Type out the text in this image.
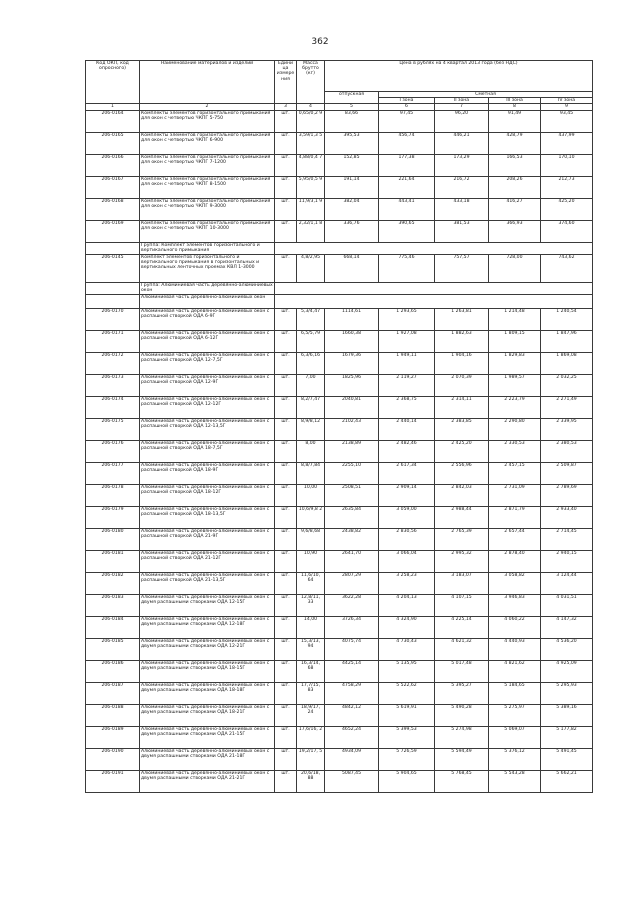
362
Код ОКП, код опросного)	Наименование материалов и изделий	Едини ца измере ния	Масса брутто (кг)	Цена в рублях на 4 квартал 2013 года (без НДС)				
				отпускная	Сметная			
					I зона	II зона	III зона	IV зона
1	2	3	4	5	6	7	8	9
206-0164	Комплекты элементов горизонтального примыкания для окон с четвертью ЧКПГ 5-750	шт.	0,65/0,2 9	83,66	97,45	96,20	91,49	93,45
206-0165	Комплекты элементов горизонтального примыкания для окон с четвертью ЧКПГ 6-900	шт.	3,59/1,3 5	395,53	456,74	446,21	428,79	437,99
206-0166	Комплекты элементов горизонтального примыкания для окон с четвертью ЧКПГ 7-1200	шт.	4,88/0,4 7	152,85	177,38	173,29	166,53	170,10
206-0167	Комплекты элементов горизонтального примыкания для окон с четвертью ЧКПГ 8-1500	шт.	5,95/0,5 9	191,14	221,64	216,72	208,26	212,73
206-0168	Комплекты элементов горизонтального примыкания для окон с четвертью ЧКПГ 9-3000	шт.	11,9/3,1 9	382,04	443,41	433,18	416,27	425,20
206-0169	Комплекты элементов горизонтального примыкания для окон с четвертью ЧКПГ 10-3000	шт.	2,32/1,1 8	336,76	390,65	381,53	366,93	374,60
	Группа: Комплект элементов горизонтального и вертикального примыкания							
206-0145	Комплект элементов горизонтального и вертикального примыкания в горизонтальных и вертикальных ленточных проемах КВЛ 1-3000	шт.	4,8/2,95	668,14	775,46	757,57	728,00	743,62
	Группа: Алюминиевая часть деревянно-алюминиевых окон							
	Алюминиевая часть деревянно-алюминиевых окон							
206-0170	Алюминиевая часть деревянно-алюминиевых окон с распашной створкой ОДА 6-9Г	шт.	5,3/4,47	1114,61	1 293,65	1 263,81	1 214,48	1 240,54
206-0171	Алюминиевая часть деревянно-алюминиевых окон с распашной створкой ОДА 6-12Г	шт.	6,5/5,79	1660,38	1 927,08	1 882,63	1 809,15	1 847,96
206-0172	Алюминиевая часть деревянно-алюминиевых окон с распашной створкой ОДА 12-7,5Г	шт.	6,3/6,16	1679,36	1 949,11	1 904,16	1 829,83	1 869,08
206-0173	Алюминиевая часть деревянно-алюминиевых окон с распашной створкой ОДА 12-9Г	шт.	7,00	1825,96	2 119,27	2 070,39	1 989,57	2 032,25
206-0174	Алюминиевая часть деревянно-алюминиевых окон с распашной створкой ОДА 12-12Г	шт.	8,2/7,47	2040,81	2 368,75	2 314,11	2 223,79	2 271,49
206-0175	Алюминиевая часть деревянно-алюминиевых окон с распашной створкой ОДА 12-13,5Г	шт.	8,9/8,12	2102,43	2 440,14	2 383,85	2 290,80	2 339,95
206-0176	Алюминиевая часть деревянно-алюминиевых окон с распашной створкой ОДА 18-7,5Г	шт.	8,00	2138,89	2 482,46	2 425,20	2 330,53	2 380,53
206-0177	Алюминиевая часть деревянно-алюминиевых окон с распашной створкой ОДА 18-9Г	шт.	8,8/7,84	2255,10	2 617,34	2 556,96	2 457,15	2 509,87
206-0178	Алюминиевая часть деревянно-алюминиевых окон с распашной створкой ОДА 18-12Г	шт.	10,00	2508,51	2 909,14	2 842,03	2 731,09	2 789,69
206-0179	Алюминиевая часть деревянно-алюминиевых окон с распашной створкой ОДА 18-13,5Г	шт.	10,6/9,8 2	2635,84	3 059,00	2 988,44	2 871,79	2 933,40
206-0180	Алюминиевая часть деревянно-алюминиевых окон с распашной створкой ОДА 21-9Г	шт.	9,6/8,68	2438,82	2 830,56	2 765,39	2 657,44	2 714,45
206-0181	Алюминиевая часть деревянно-алюминиевых окон с распашной створкой ОДА 21-12Г	шт.	10,90	2641,70	3 066,04	2 995,32	2 878,40	2 940,15
206-0182	Алюминиевая часть деревянно-алюминиевых окон с распашной створкой ОДА 21-13,5Г	шт.	11,6/10, 64	2807,29	3 258,23	3 183,07	3 058,82	3 124,44
206-0183	Алюминиевая часть деревянно-алюминиевых окон с двумя распашными створками ОДА 12-15Г	шт.	12,8/11, 33	3622,28	4 204,13	4 107,15	3 946,83	4 031,51
206-0184	Алюминиевая часть деревянно-алюминиевых окон с двумя распашными створками ОДА 12-18Г	шт.	14,00	3726,34	4 324,90	4 225,14	4 060,22	4 147,32
206-0185	Алюминиевая часть деревянно-алюминиевых окон с двумя распашными створками ОДА 12-21Г	шт.	15,3/13, 94	4075,74	4 730,43	4 621,32	4 440,93	4 536,20
206-0186	Алюминиевая часть деревянно-алюминиевых окон с двумя распашными створками ОДА 18-15Г	шт.	16,3/14, 68	4425,14	5 135,95	5 017,48	4 821,62	4 925,09
206-0187	Алюминиевая часть деревянно-алюминиевых окон с двумя распашными створками ОДА 18-18Г	шт.	17,7/15, 83	4758,29	5 522,62	5 395,27	5 184,65	5 295,93
206-0188	Алюминиевая часть деревянно-алюминиевых окон с двумя распашными створками ОДА 18-21Г	шт.	18,9/17, 24	4842,12	5 619,91	5 490,28	5 275,97	5 389,16
206-0189	Алюминиевая часть деревянно-алюминиевых окон с двумя распашными створками ОДА 21-15Г	шт.	17,6/16, 2	4652,24	5 399,53	5 274,98	5 069,07	5 177,82
206-0190	Алюминиевая часть деревянно-алюминиевых окон с двумя распашными створками ОДА 21-18Г	шт.	19,2/17, 5	4934,09	5 726,59	5 594,49	5 376,12	5 491,45
206-0191	Алюминиевая часть деревянно-алюминиевых окон с двумя распашными створками ОДА 21-21Г	шт.	20,6/18, 88	5087,45	5 904,65	5 768,45	5 543,28	5 662,21
